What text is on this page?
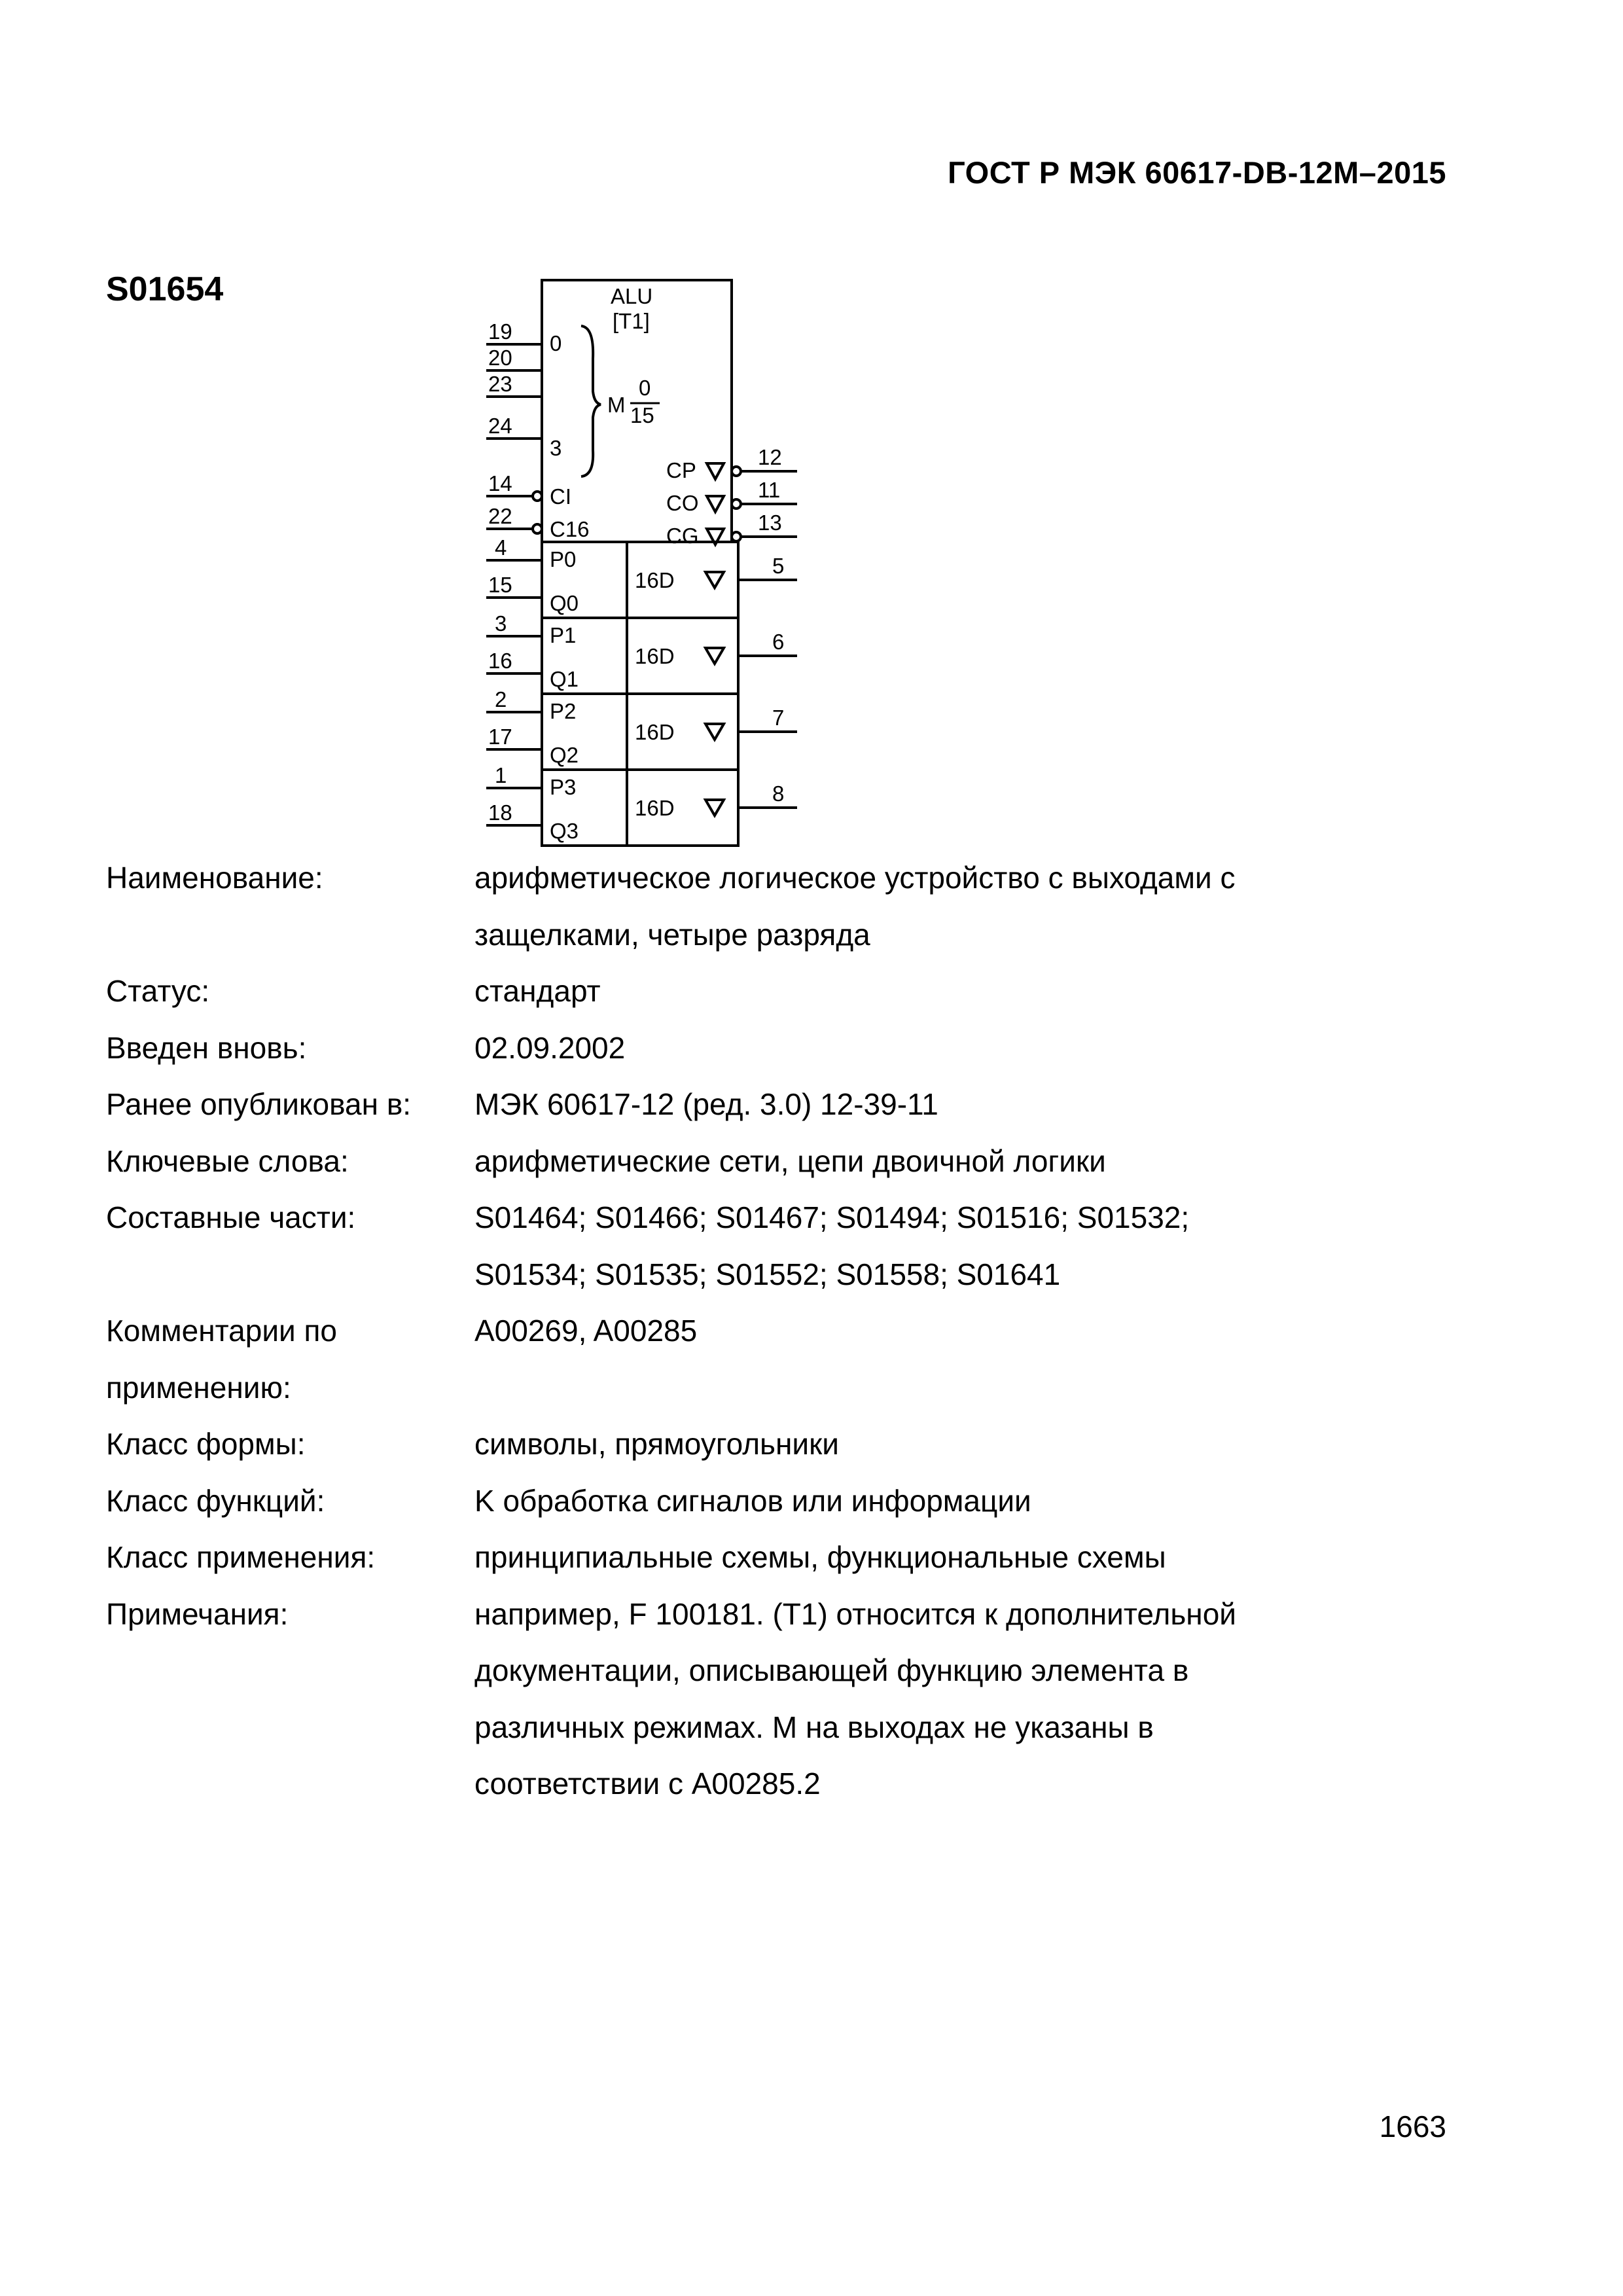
ГОСТ Р МЭК 60617-DB-12M–2015
S01654	ALU
[T1]
0
3
M
0
15
19
20
23
24
14
CI
22
C16
CP
12
CO
11
CG
13
4
15
P0
Q0
16D
5
3
16
P1
Q1
16D
6
2
17
P2
Q2
16D
7
1
18
P3
Q3
16D
8
Наименование:	арифметическое логическое устройство с выходами с
защелками, четыре разряда
Статус:	стандарт
Введен вновь:	02.09.2002
Ранее опубликован в:	МЭК 60617-12 (ред. 3.0) 12-39-11
Ключевые слова:	арифметические сети, цепи двоичной логики
Составные части:	S01464; S01466; S01467; S01494; S01516; S01532;
S01534; S01535; S01552; S01558; S01641
Комментарии по
применению:
A00269, A00285
Класс формы:	символы, прямоугольники
Класс функций:	K обработка сигналов или информации
Класс применения:	принципиальные схемы, функциональные схемы
Примечания:	например, F 100181. (T1) относится к дополнительной
документации, описывающей функцию элемента в
различных режимах. M на выходах не указаны в
соответствии с A00285.2
1663
